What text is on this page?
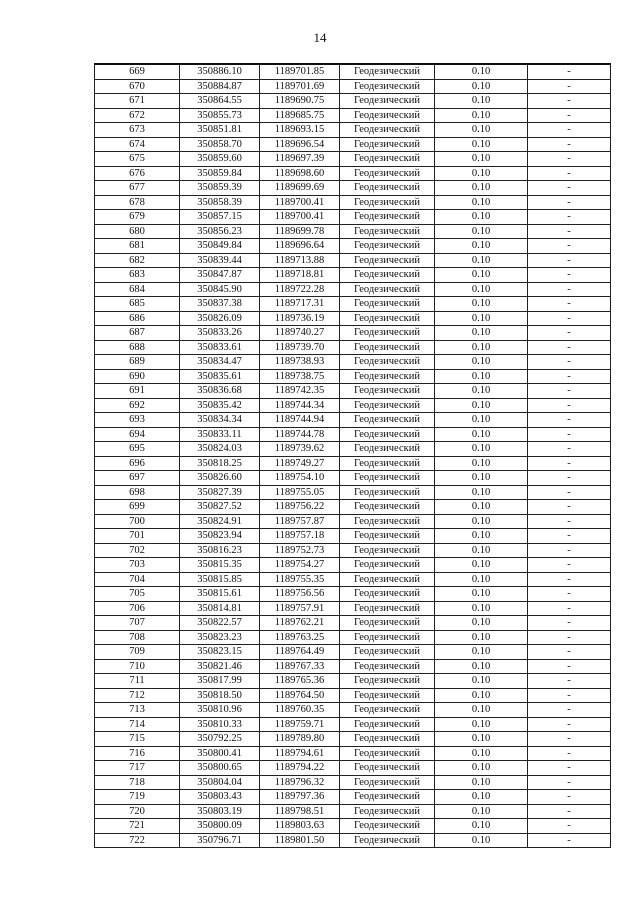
14
669	350886.10	1189701.85	Геодезический	0.10	-
670	350884.87	1189701.69	Геодезический	0.10	-
671	350864.55	1189690.75	Геодезический	0.10	-
672	350855.73	1189685.75	Геодезический	0.10	-
673	350851.81	1189693.15	Геодезический	0.10	-
674	350858.70	1189696.54	Геодезический	0.10	-
675	350859.60	1189697.39	Геодезический	0.10	-
676	350859.84	1189698.60	Геодезический	0.10	-
677	350859.39	1189699.69	Геодезический	0.10	-
678	350858.39	1189700.41	Геодезический	0.10	-
679	350857.15	1189700.41	Геодезический	0.10	-
680	350856.23	1189699.78	Геодезический	0.10	-
681	350849.84	1189696.64	Геодезический	0.10	-
682	350839.44	1189713.88	Геодезический	0.10	-
683	350847.87	1189718.81	Геодезический	0.10	-
684	350845.90	1189722.28	Геодезический	0.10	-
685	350837.38	1189717.31	Геодезический	0.10	-
686	350826.09	1189736.19	Геодезический	0.10	-
687	350833.26	1189740.27	Геодезический	0.10	-
688	350833.61	1189739.70	Геодезический	0.10	-
689	350834.47	1189738.93	Геодезический	0.10	-
690	350835.61	1189738.75	Геодезический	0.10	-
691	350836.68	1189742.35	Геодезический	0.10	-
692	350835.42	1189744.34	Геодезический	0.10	-
693	350834.34	1189744.94	Геодезический	0.10	-
694	350833.11	1189744.78	Геодезический	0.10	-
695	350824.03	1189739.62	Геодезический	0.10	-
696	350818.25	1189749.27	Геодезический	0.10	-
697	350826.60	1189754.10	Геодезический	0.10	-
698	350827.39	1189755.05	Геодезический	0.10	-
699	350827.52	1189756.22	Геодезический	0.10	-
700	350824.91	1189757.87	Геодезический	0.10	-
701	350823.94	1189757.18	Геодезический	0.10	-
702	350816.23	1189752.73	Геодезический	0.10	-
703	350815.35	1189754.27	Геодезический	0.10	-
704	350815.85	1189755.35	Геодезический	0.10	-
705	350815.61	1189756.56	Геодезический	0.10	-
706	350814.81	1189757.91	Геодезический	0.10	-
707	350822.57	1189762.21	Геодезический	0.10	-
708	350823.23	1189763.25	Геодезический	0.10	-
709	350823.15	1189764.49	Геодезический	0.10	-
710	350821.46	1189767.33	Геодезический	0.10	-
711	350817.99	1189765.36	Геодезический	0.10	-
712	350818.50	1189764.50	Геодезический	0.10	-
713	350810.96	1189760.35	Геодезический	0.10	-
714	350810.33	1189759.71	Геодезический	0.10	-
715	350792.25	1189789.80	Геодезический	0.10	-
716	350800.41	1189794.61	Геодезический	0.10	-
717	350800.65	1189794.22	Геодезический	0.10	-
718	350804.04	1189796.32	Геодезический	0.10	-
719	350803.43	1189797.36	Геодезический	0.10	-
720	350803.19	1189798.51	Геодезический	0.10	-
721	350800.09	1189803.63	Геодезический	0.10	-
722	350796.71	1189801.50	Геодезический	0.10	-
